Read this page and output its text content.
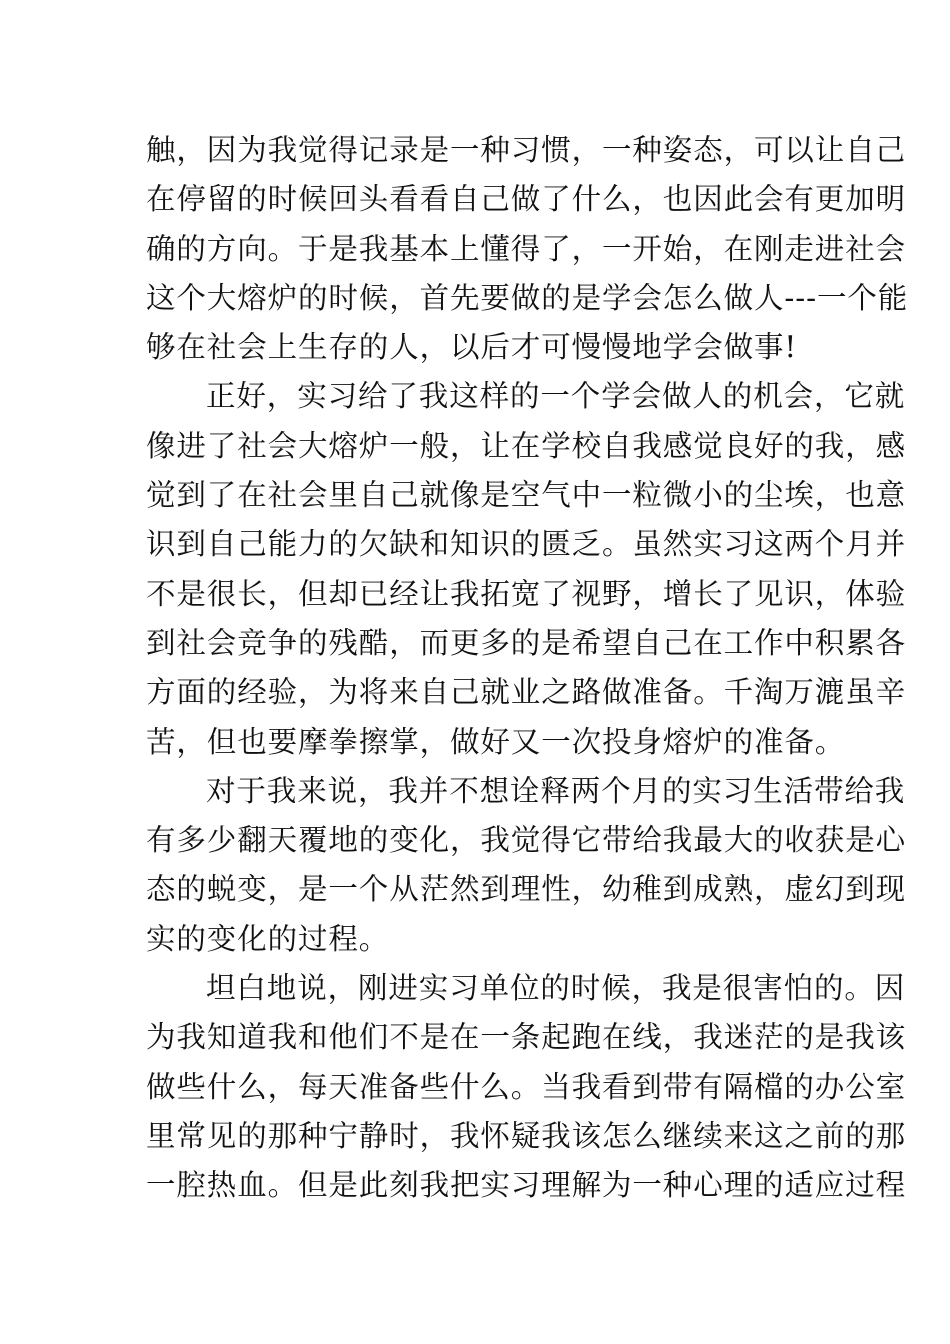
触，因为我觉得记录是一种习惯，一种姿态，可以让自己
在停留的时候回头看看自己做了什么，也因此会有更加明
确的方向。于是我基本上懂得了，一开始，在刚走进社会
这个大熔炉的时候，首先要做的是学会怎么做人---一个能
够在社会上生存的人，以后才可慢慢地学会做事!
正好，实习给了我这样的一个学会做人的机会，它就
像进了社会大熔炉一般，让在学校自我感觉良好的我，感
觉到了在社会里自己就像是空气中一粒微小的尘埃，也意
识到自己能力的欠缺和知识的匮乏。虽然实习这两个月并
不是很长，但却已经让我拓宽了视野，增长了见识，体验
到社会竞争的残酷，而更多的是希望自己在工作中积累各
方面的经验，为将来自己就业之路做准备。千淘万漉虽辛
苦，但也要摩拳擦掌，做好又一次投身熔炉的准备。
对于我来说，我并不想诠释两个月的实习生活带给我
有多少翻天覆地的变化，我觉得它带给我最大的收获是心
态的蜕变，是一个从茫然到理性，幼稚到成熟，虚幻到现
实的变化的过程。
坦白地说，刚进实习单位的时候，我是很害怕的。因
为我知道我和他们不是在一条起跑在线，我迷茫的是我该
做些什么，每天准备些什么。当我看到带有隔檔的办公室
里常见的那种宁静时，我怀疑我该怎么继续来这之前的那
一腔热血。但是此刻我把实习理解为一种心理的适应过程
